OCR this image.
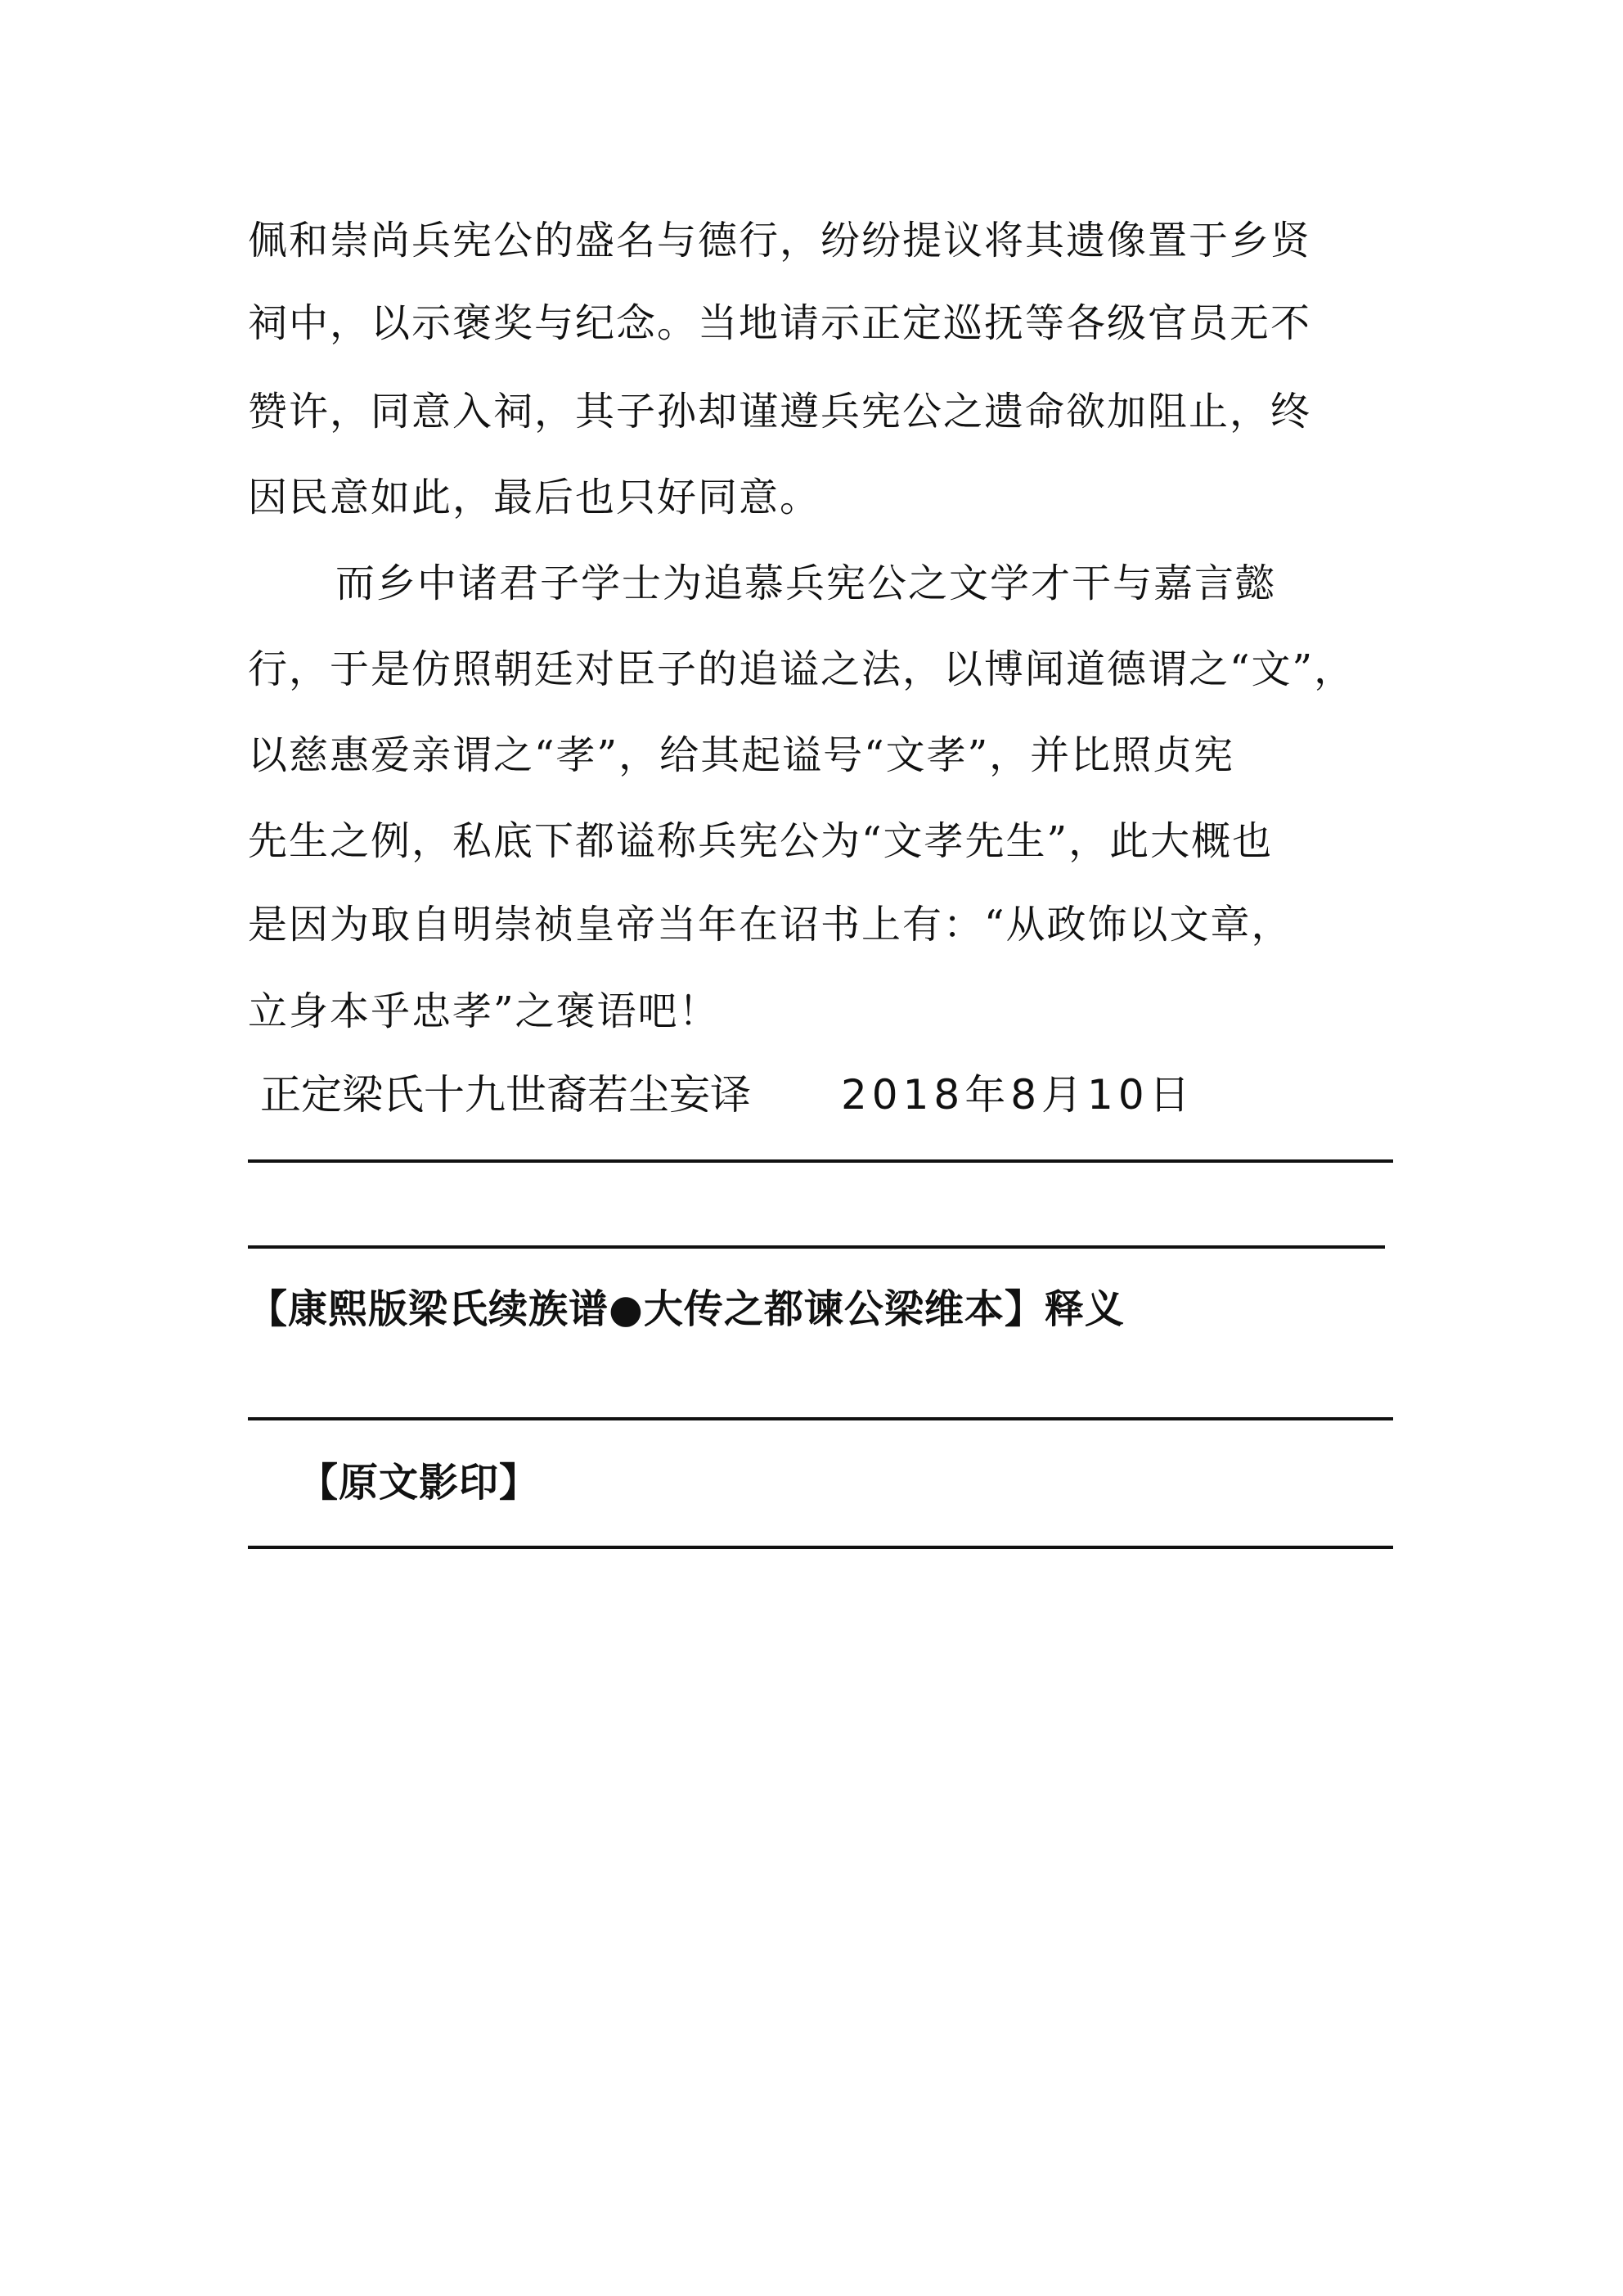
佩和崇尚兵宪公的盛名与德行，纷纷提议将其遗像置于乡贤
祠中，以示褒奖与纪念。当地请示正定巡抚等各级官员无不
赞许，同意入祠，其子孙却谨遵兵宪公之遗命欲加阻止，终
因民意如此，最后也只好同意。
而乡中诸君子学士为追慕兵宪公之文学才干与嘉言懿
行，于是仿照朝廷对臣子的追谥之法，以博闻道德谓之“文”，
以慈惠爱亲谓之“孝”，给其起谥号“文孝”，并比照贞宪
先生之例，私底下都谥称兵宪公为“文孝先生”，此大概也
是因为取自明崇祯皇帝当年在诏书上有：“从政饰以文章，
立身本乎忠孝”之褒语吧！
正定梁氏十九世裔若尘妄译 2018年8月10日
【康熙版梁氏续族谱●大传之都谏公梁维本】释义
【原文影印】
